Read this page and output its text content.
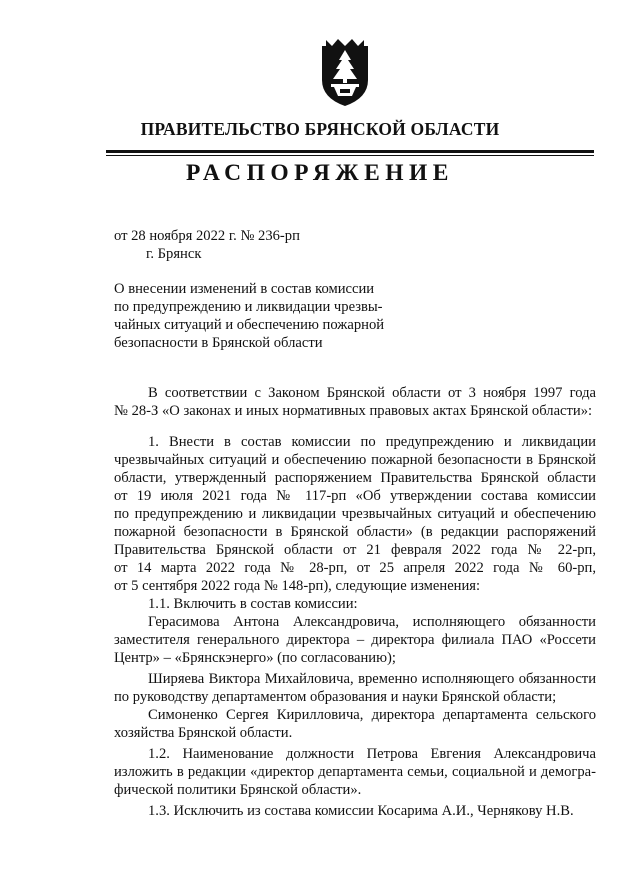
ПРАВИТЕЛЬСТВО БРЯНСКОЙ ОБЛАСТИ
РАСПОРЯЖЕНИЕ
от 28 ноября 2022 г. № 236-рп
г. Брянск
О внесении изменений в состав комиссии
по предупреждению и ликвидации чрезвы-
чайных ситуаций и обеспечению пожарной
безопасности в Брянской области
В соответствии с Законом Брянской области от 3 ноября 1997 года
№ 28-З «О законах и иных нормативных правовых актах Брянской области»:
1. Внести в состав комиссии по предупреждению и ликвидации
чрезвычайных ситуаций и обеспечению пожарной безопасности в Брянской
области, утвержденный распоряжением Правительства Брянской области
от 19 июля 2021 года № 117-рп «Об утверждении состава комиссии
по предупреждению и ликвидации чрезвычайных ситуаций и обеспечению
пожарной безопасности в Брянской области» (в редакции распоряжений
Правительства Брянской области от 21 февраля 2022 года № 22-рп,
от 14 марта 2022 года № 28-рп, от 25 апреля 2022 года № 60-рп,
от 5 сентября 2022 года № 148-рп), следующие изменения:
1.1. Включить в состав комиссии:
Герасимова Антона Александровича, исполняющего обязанности
заместителя генерального директора – директора филиала ПАО «Россети
Центр» – «Брянскэнерго» (по согласованию);
Ширяева Виктора Михайловича, временно исполняющего обязанности
по руководству департаментом образования и науки Брянской области;
Симоненко Сергея Кирилловича, директора департамента сельского
хозяйства Брянской области.
1.2. Наименование должности Петрова Евгения Александровича
изложить в редакции «директор департамента семьи, социальной и демогра-
фической политики Брянской области».
1.3. Исключить из состава комиссии Косарима А.И., Чернякову Н.В.
